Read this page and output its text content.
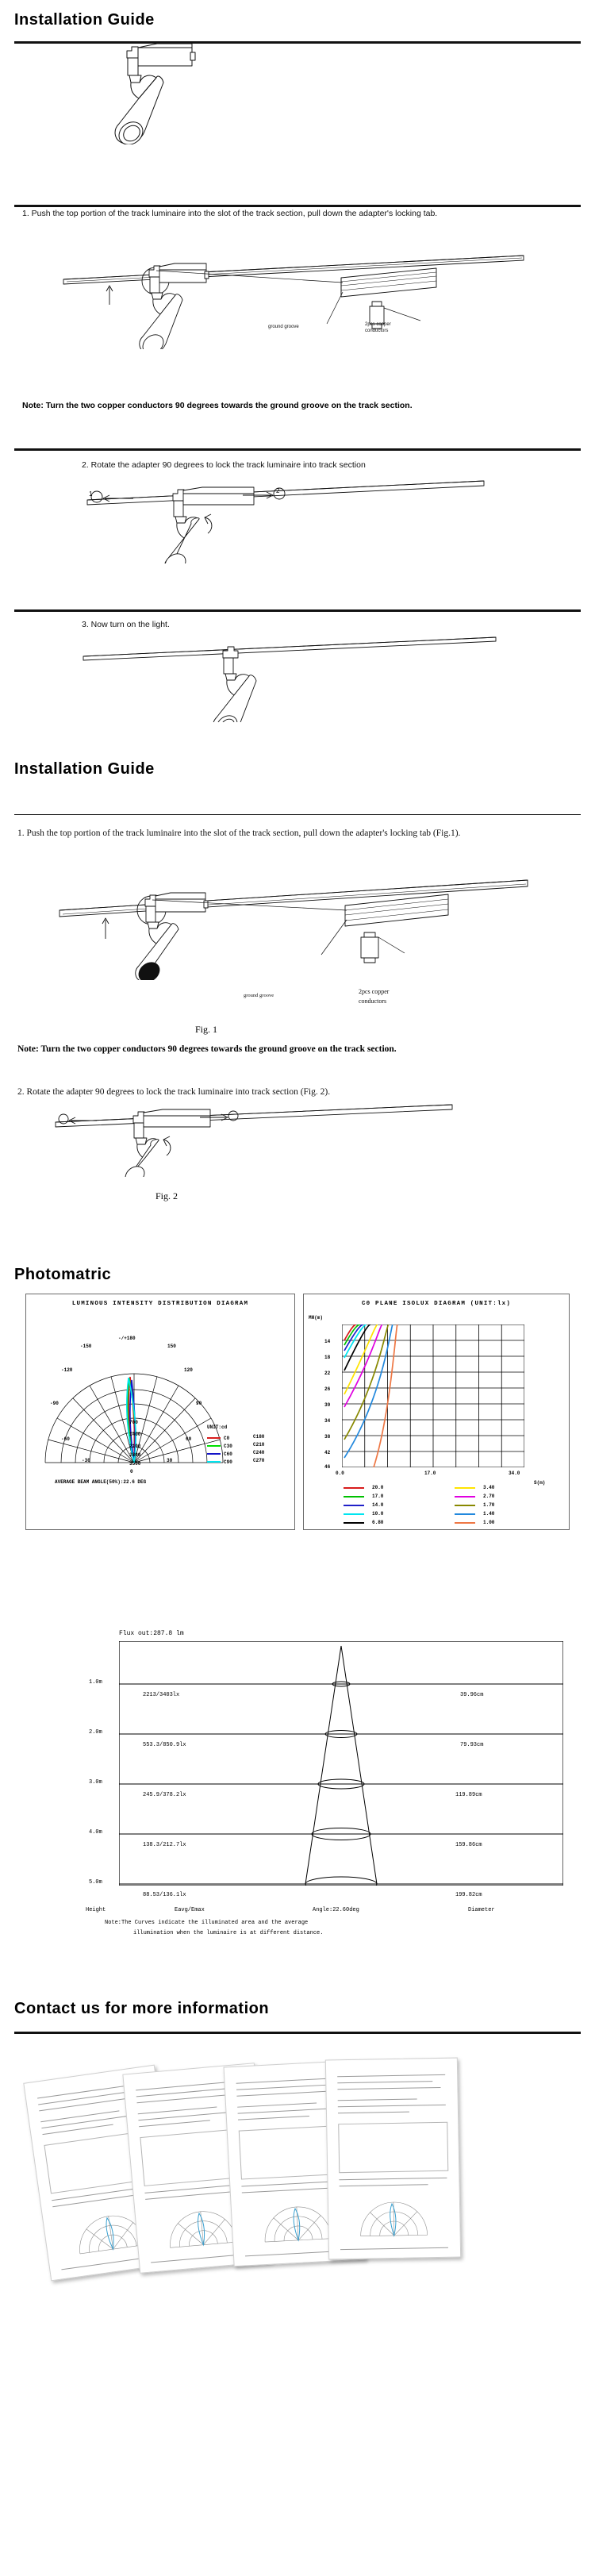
Installation Guide
1. Push the top portion of the track luminaire into the slot of the track section, pull down the adapter's locking tab.
ground groove	2pcs copper
conductors
Note: Turn the two copper conductors 90 degrees towards the ground groove on the track section.
2. Rotate the adapter 90 degrees to lock the track luminaire into track section
1	2
3. Now turn on the light.
Installation Guide
1. Push the top portion of the track luminaire into the slot of the track section, pull down the adapter's locking tab (Fig.1).
ground groove
2pcs copper
conductors
Fig. 1
Note: Turn the two copper conductors 90 degrees towards the ground groove on the track section.
2. Rotate the adapter 90 degrees to lock the track luminaire into track section (Fig. 2).
Fig. 2
Photomatric
LUMINOUS INTENSITY DISTRIBUTION DIAGRAM
-/+180
-150	150
-120	120
-90	90
-60	60
-30	30
0
700
1400
2100
2800
3500
UNIT:cd
C0
C30
C60
C90
C180
C210
C240
C270
AVERAGE BEAM ANGLE(50%):22.6 DEG
C0 PLANE ISOLUX DIAGRAM (UNIT:lx)
MH(m)
14
18
22
26
30
34
38
42
46
0.0	17.0	34.0
S(m)
20.0
17.0
14.0
10.0
6.80
3.40
2.70
1.70
1.40
1.00
Flux out:287.8 lm
1.0m
2213/3403lx	39.96cm
2.0m
553.3/850.9lx	79.93cm
3.0m
245.9/378.2lx	119.89cm
4.0m
138.3/212.7lx	159.86cm
5.0m
88.53/136.1lx	199.82cm
Height	Eavg/Emax	Angle:22.60deg	Diameter
Note:The Curves indicate the illuminated area and the average
illumination when the luminaire is at different distance.
Contact us for more information
